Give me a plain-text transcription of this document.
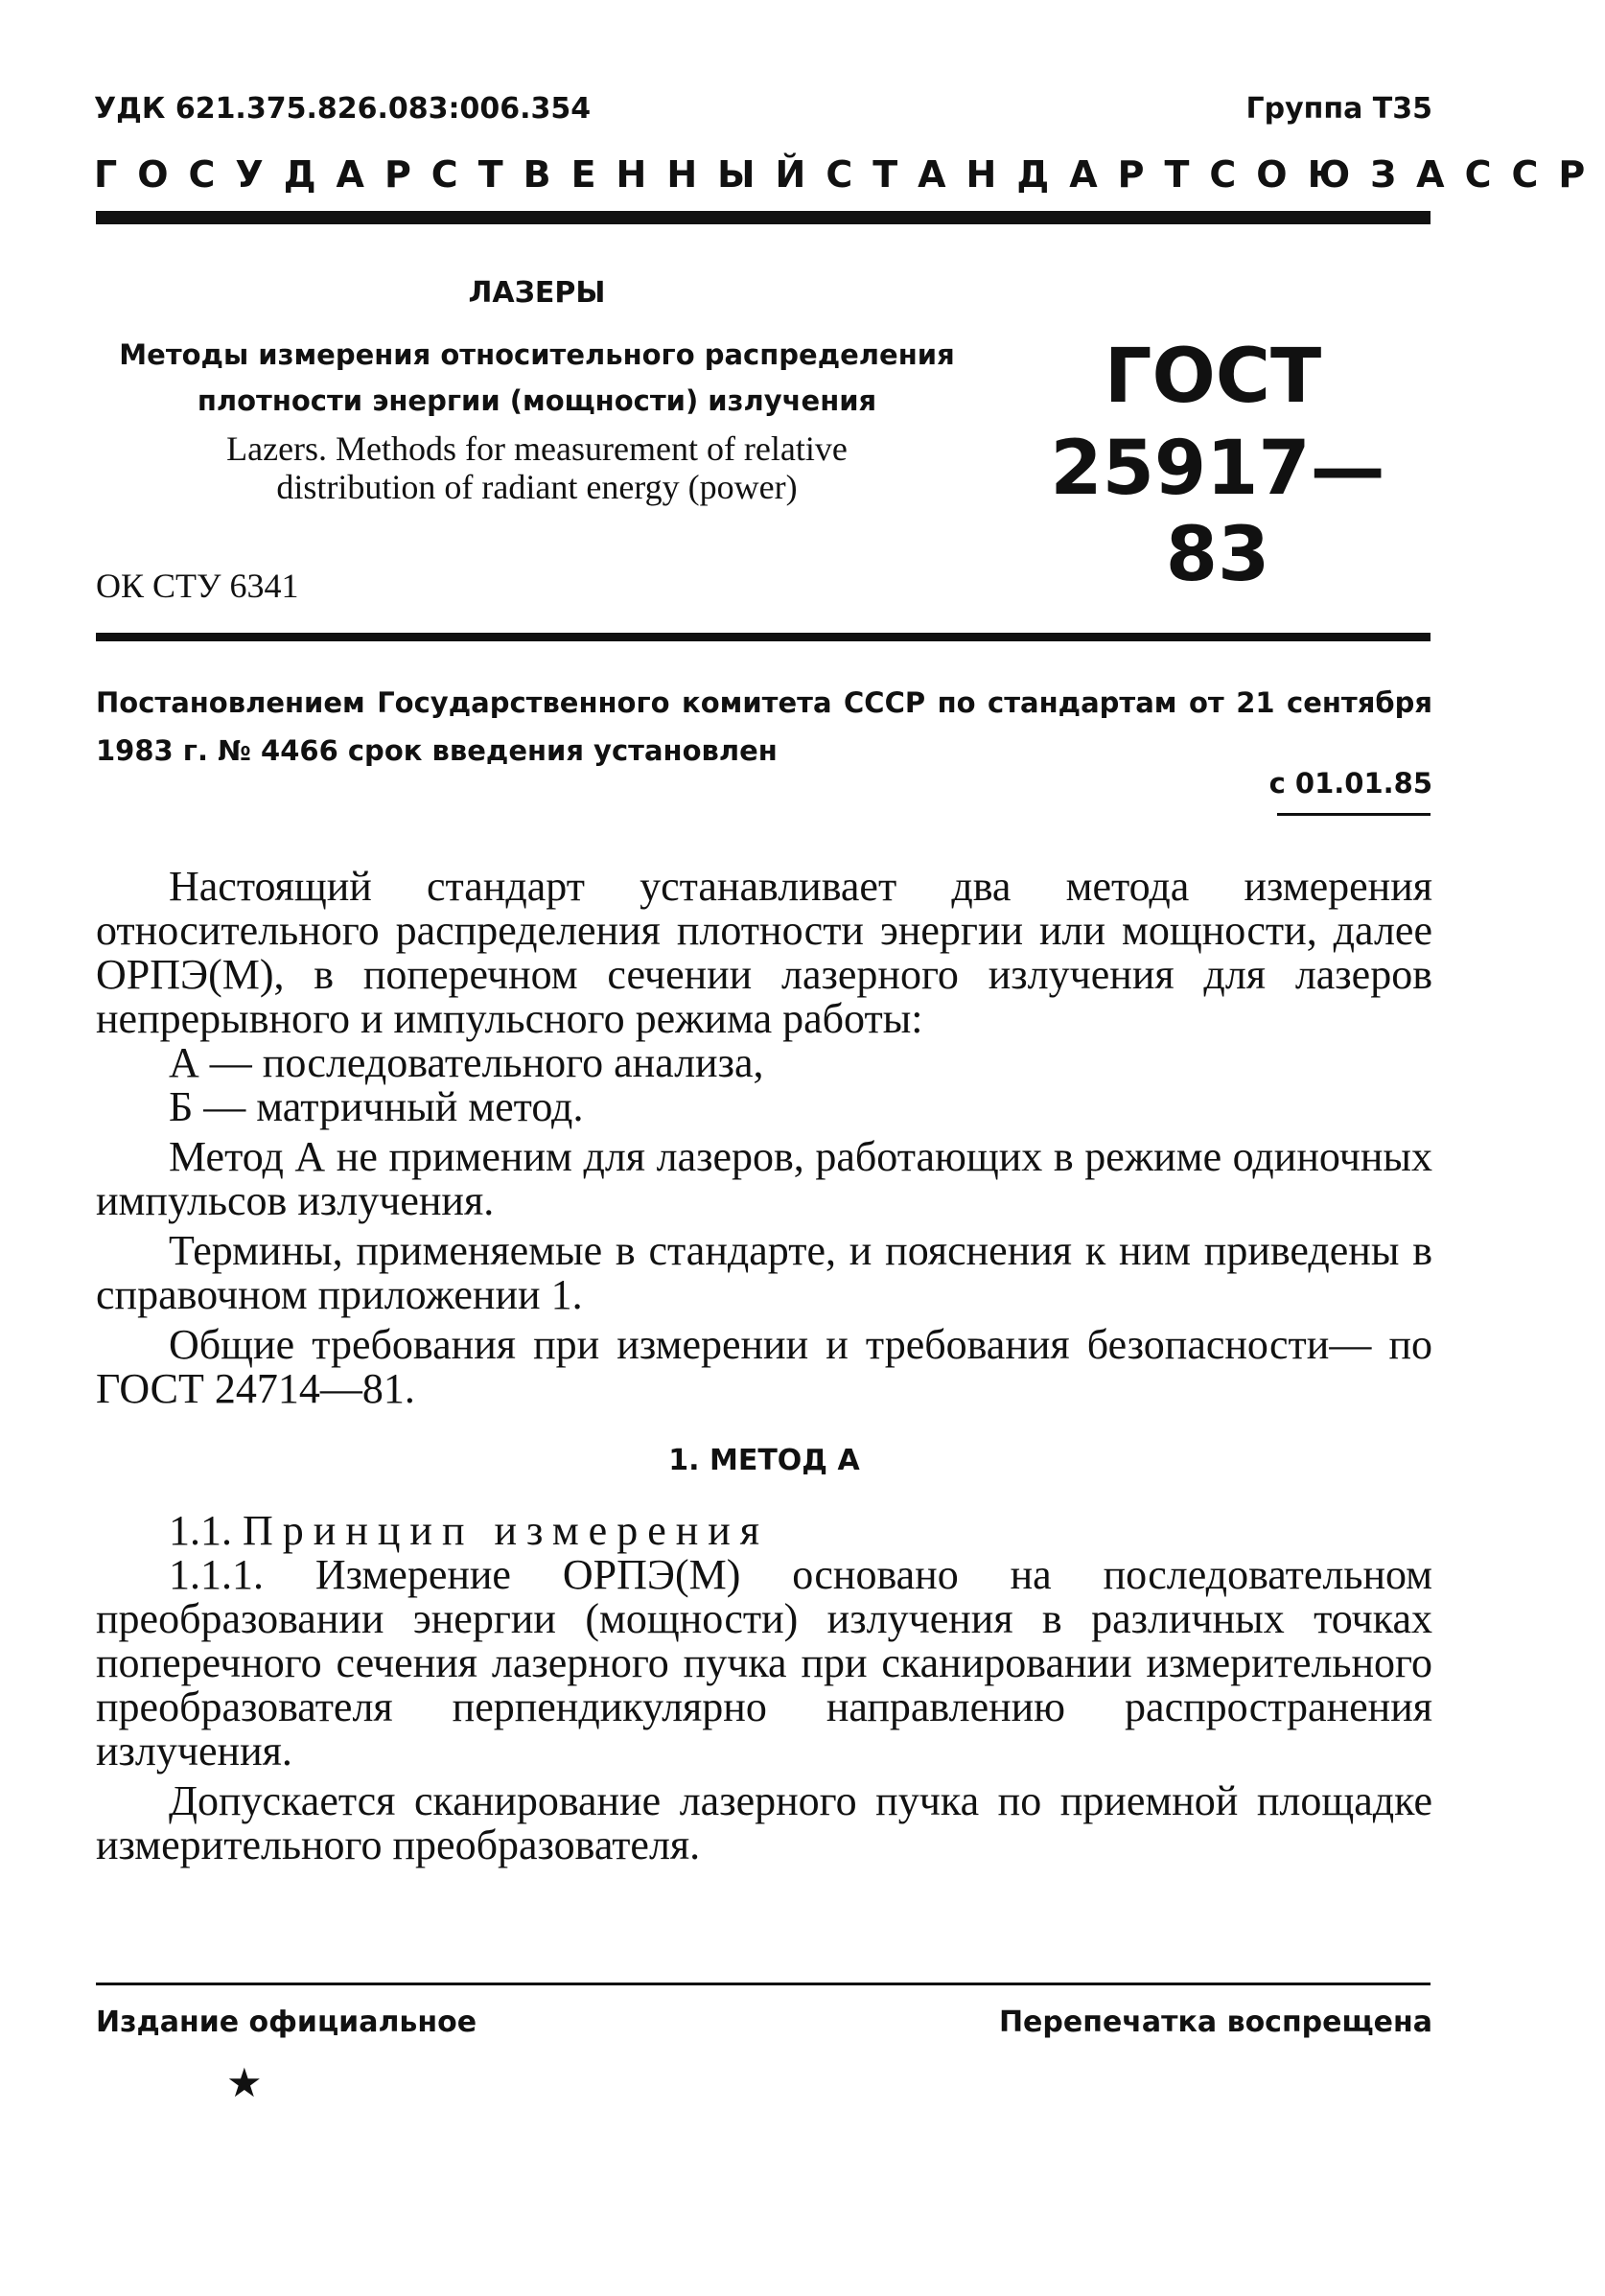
УДК 621.375.826.083:006.354	Группа Т35
ГОСУДАРСТВЕННЫЙ СТАНДАРТ СОЮЗА ССР
ЛАЗЕРЫ
Методы измерения относительного распределения
плотности энергии (мощности) излучения
Lazers. Methods for measurement of relative
distribution of radiant energy (power)
ГОСТ
25917—83
ОК СТУ 6341
Постановлением Государственного комитета СССР по стандартам от 21 сентября 1983 г. № 4466 срок введения установлен
с 01.01.85

Настоящий стандарт устанавливает два метода измерения относительного распределения плотности энергии или мощности, далее ОРПЭ(М), в поперечном сечении лазерного излучения для лазеров непрерывного и импульсного режима работы:

А — последовательного анализа,

Б — матричный метод.

Метод А не применим для лазеров, работающих в режиме одиночных импульсов излучения.

Термины, применяемые в стандарте, и пояснения к ним приведены в справочном приложении 1.

Общие требования при измерении и требования безопасности— по ГОСТ 24714—81.

1. МЕТОД А

1.1. Принцип измерения

1.1.1. Измерение ОРПЭ(М) основано на последовательном преобразовании энергии (мощности) излучения в различных точках поперечного сечения лазерного пучка при сканировании измерительного преобразователя перпендикулярно направлению распространения излучения.

Допускается сканирование лазерного пучка по приемной площадке измерительного преобразователя.

Издание официальное	Перепечатка воспрещена
★
